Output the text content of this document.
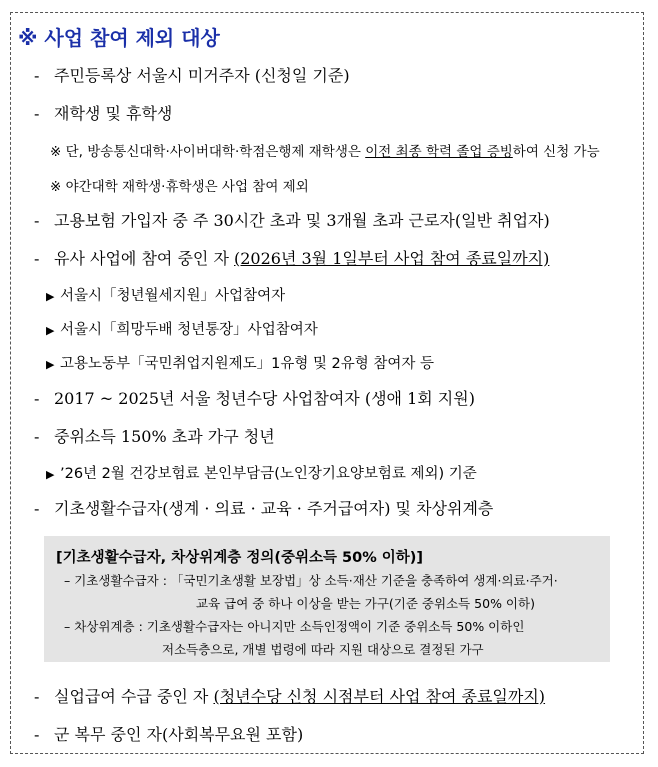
※ 사업 참여 제외 대상
- 주민등록상 서울시 미거주자 (신청일 기준)
- 재학생 및 휴학생
※ 단, 방송통신대학·사이버대학·학점은행제 재학생은 이전 최종 학력 졸업 증빙하여 신청 가능
※ 야간대학 재학생·휴학생은 사업 참여 제외
- 고용보험 가입자 중 주 30시간 초과 및 3개월 초과 근로자(일반 취업자)
- 유사 사업에 참여 중인 자 (2026년 3월 1일부터 사업 참여 종료일까지)
▶ 서울시「청년월세지원」사업참여자
▶ 서울시「희망두배 청년통장」사업참여자
▶ 고용노동부「국민취업지원제도」1유형 및 2유형 참여자 등
- 2017 ~ 2025년 서울 청년수당 사업참여자 (생애 1회 지원)
- 중위소득 150% 초과 가구 청년
▶ ’26년 2월 건강보험료 본인부담금(노인장기요양보험료 제외) 기준
- 기초생활수급자(생계 · 의료 · 교육 · 주거급여자) 및 차상위계층
[기초생활수급자, 차상위계층 정의(중위소득 50% 이하)]
– 기초생활수급자 : 「국민기초생활 보장법」상 소득·재산 기준을 충족하여 생계·의료·주거·
교육 급여 중 하나 이상을 받는 가구(기준 중위소득 50% 이하)
– 차상위계층 : 기초생활수급자는 아니지만 소득인정액이 기준 중위소득 50% 이하인
저소득층으로, 개별 법령에 따라 지원 대상으로 결정된 가구
- 실업급여 수급 중인 자 (청년수당 신청 시점부터 사업 참여 종료일까지)
- 군 복무 중인 자(사회복무요원 포함)
